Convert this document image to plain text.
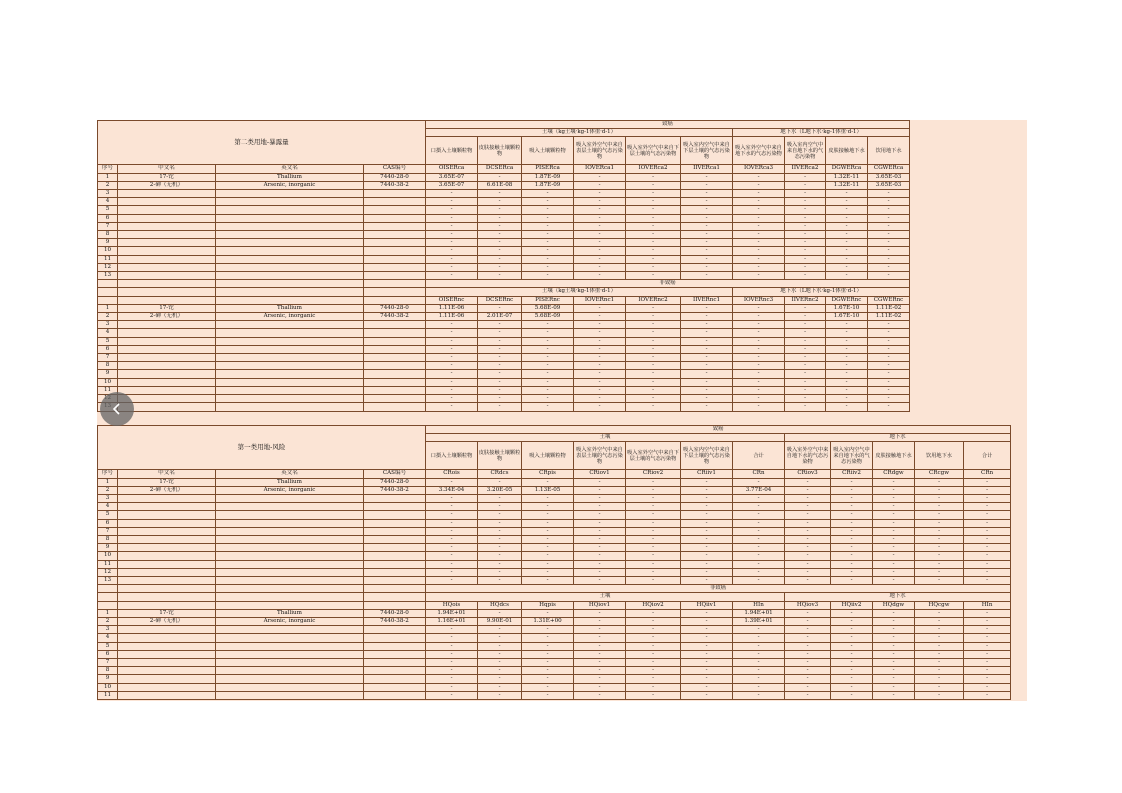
第二类用地-暴露量				致癌									
				土壤（kg土壤·kg-1体重·d-1）						地下水（L地下水·kg-1体重·d-1）			
				口摄入土壤颗粒物	皮肤接触土壤颗粒物	吸入土壤颗粒物	吸入室外空气中来自表层土壤的气态污染物	吸入室外空气中来自下层土壤的气态污染物	吸入室内空气中来自下层土壤的气态污染物	吸入室外空气中来自地下水的气态污染物	吸入室内空气中来自地下水的气态污染物	皮肤接触地下水	饮用地下水
序号	中文名	英文名	CAS编号	OISERca	DCSERca	PISERca	IOVERca1	IOVERca2	IIVERca1	IOVERca3	IIVERca2	DGWERca	CGWERca
1	17-铊	Thallium	7440-28-0	3.65E-07	-	1.87E-09	-	-	-	-	-	1.32E-11	3.65E-03
2	2-砷（无机）	Arsenic, inorganic	7440-38-2	3.65E-07	6.61E-08	1.87E-09	-	-	-	-	-	1.32E-11	3.65E-03
3				-	-	-	-	-	-	-	-	-	-
4				-	-	-	-	-	-	-	-	-	-
5				-	-	-	-	-	-	-	-	-	-
6				-	-	-	-	-	-	-	-	-	-
7				-	-	-	-	-	-	-	-	-	-
8				-	-	-	-	-	-	-	-	-	-
9				-	-	-	-	-	-	-	-	-	-
10				-	-	-	-	-	-	-	-	-	-
11				-	-	-	-	-	-	-	-	-	-
12				-	-	-	-	-	-	-	-	-	-
13				-	-	-	-	-	-	-	-	-	-
				非致癌									
				土壤（kg土壤·kg-1体重·d-1）						地下水（L地下水·kg-1体重·d-1）			
				OISERnc	DCSERnc	PISERnc	IOVERnc1	IOVERnc2	IIVERnc1	IOVERnc3	IIVERnc2	DGWERnc	CGWERnc
1	17-铊	Thallium	7440-28-0	1.11E-06	-	5.68E-09	-	-	-	-	-	1.67E-10	1.11E-02
2	2-砷（无机）	Arsenic, inorganic	7440-38-2	1.11E-06	2.01E-07	5.68E-09	-	-	-	-	-	1.67E-10	1.11E-02
3				-	-	-	-	-	-	-	-	-	-
4				-	-	-	-	-	-	-	-	-	-
5				-	-	-	-	-	-	-	-	-	-
6				-	-	-	-	-	-	-	-	-	-
7				-	-	-	-	-	-	-	-	-	-
8				-	-	-	-	-	-	-	-	-	-
9				-	-	-	-	-	-	-	-	-	-
10				-	-	-	-	-	-	-	-	-	-
11				-	-	-	-	-	-	-	-	-	-
				-	-	-	-	-	-	-	-	-	-
				-	-	-	-	-	-	-	-	-	-
第一类用地-风险				致癌											
				土壤							地下水				
				口摄入土壤颗粒物	皮肤接触土壤颗粒物	吸入土壤颗粒物	吸入室外空气中来自表层土壤的气态污染物	吸入室外空气中来自下层土壤的气态污染物	吸入室内空气中来自下层土壤的气态污染物	合计	吸入室外空气中来自地下水的气态污染物	吸入室内空气中来自地下水的气态污染物	皮肤接触地下水	饮用地下水	合计
序号	中文名	英文名	CAS编号	CRois	CRdcs	CRpis	CRiov1	CRiov2	CRiiv1	CRn	CRiov3	CRiiv2	CRdgw	CRcgw	CRn
1	17-铊	Thallium	7440-28-0	-	-	-	-	-	-	-	-	-	-	-	-
2	2-砷（无机）	Arsenic, inorganic	7440-38-2	3.34E-04	3.20E-05	1.13E-05	-	-	-	3.77E-04	-	-	-	-	-
3				-	-	-	-	-	-	-	-	-	-	-	-
4				-	-	-	-	-	-	-	-	-	-	-	-
5				-	-	-	-	-	-	-	-	-	-	-	-
6				-	-	-	-	-	-	-	-	-	-	-	-
7				-	-	-	-	-	-	-	-	-	-	-	-
8				-	-	-	-	-	-	-	-	-	-	-	-
9				-	-	-	-	-	-	-	-	-	-	-	-
10				-	-	-	-	-	-	-	-	-	-	-	-
11				-	-	-	-	-	-	-	-	-	-	-	-
12				-	-	-	-	-	-	-	-	-	-	-	-
13				-	-	-	-	-	-	-	-	-	-	-	-
				非致癌											
				土壤							地下水				
				HQois	HQdcs	Hqpis	HQiov1	HQiov2	HQiiv1	HIn	HQiov3	HQiiv2	HQdgw	HQcgw	HIn
1	17-铊	Thallium	7440-28-0	1.94E+01	-	-	-	-	-	1.94E+01	-	-	-	-	-
2	2-砷（无机）	Arsenic, inorganic	7440-38-2	1.16E+01	9.90E-01	1.31E+00	-	-	-	1.39E+01	-	-	-	-	-
3				-	-	-	-	-	-	-	-	-	-	-	-
4				-	-	-	-	-	-	-	-	-	-	-	-
5				-	-	-	-	-	-	-	-	-	-	-	-
6				-	-	-	-	-	-	-	-	-	-	-	-
7				-	-	-	-	-	-	-	-	-	-	-	-
8				-	-	-	-	-	-	-	-	-	-	-	-
9				-	-	-	-	-	-	-	-	-	-	-	-
10				-	-	-	-	-	-	-	-	-	-	-	-
11				-	-	-	-	-	-	-	-	-	-	-	-
